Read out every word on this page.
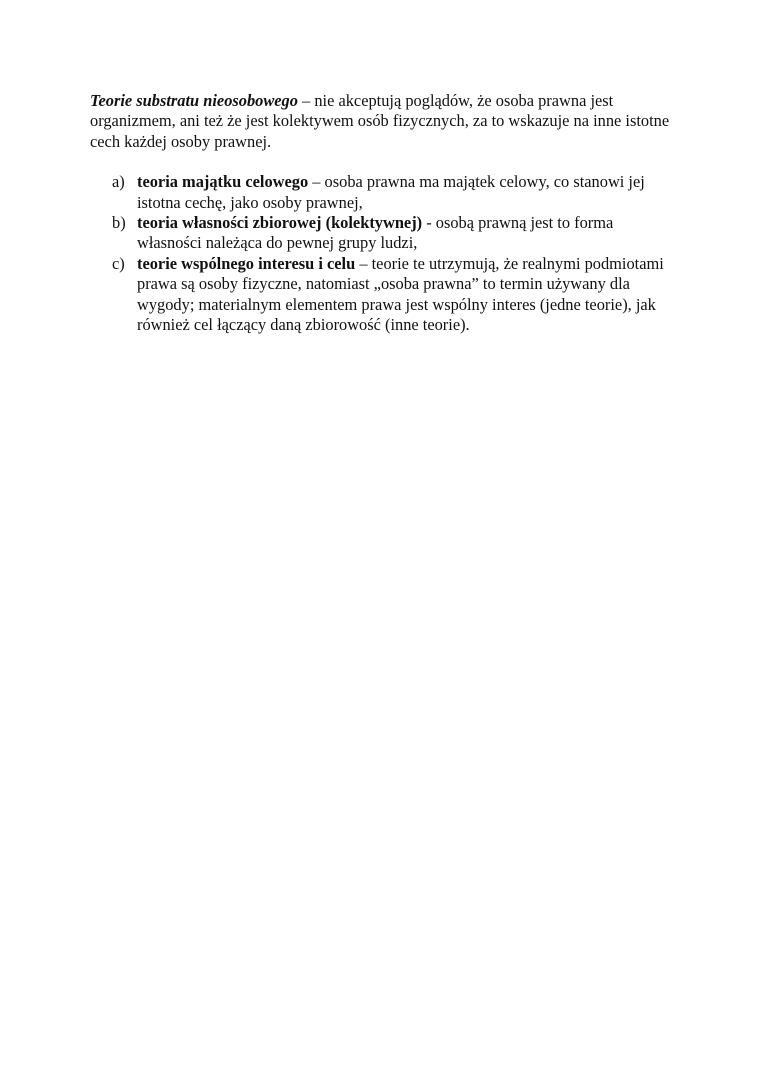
Teorie substratu nieosobowego – nie akceptują poglądów, że osoba prawna jest organizmem, ani też że jest kolektywem osób fizycznych, za to wskazuje na inne istotne cech każdej osoby prawnej.

a) teoria majątku celowego – osoba prawna ma majątek celowy, co stanowi jej istotna cechę, jako osoby prawnej,
b) teoria własności zbiorowej (kolektywnej) - osobą prawną jest to forma własności należąca do pewnej grupy ludzi,
c) teorie wspólnego interesu i celu – teorie te utrzymują, że realnymi podmiotami prawa są osoby fizyczne, natomiast „osoba prawna” to termin używany dla wygody; materialnym elementem prawa jest wspólny interes (jedne teorie), jak również cel łączący daną zbiorowość (inne teorie).
